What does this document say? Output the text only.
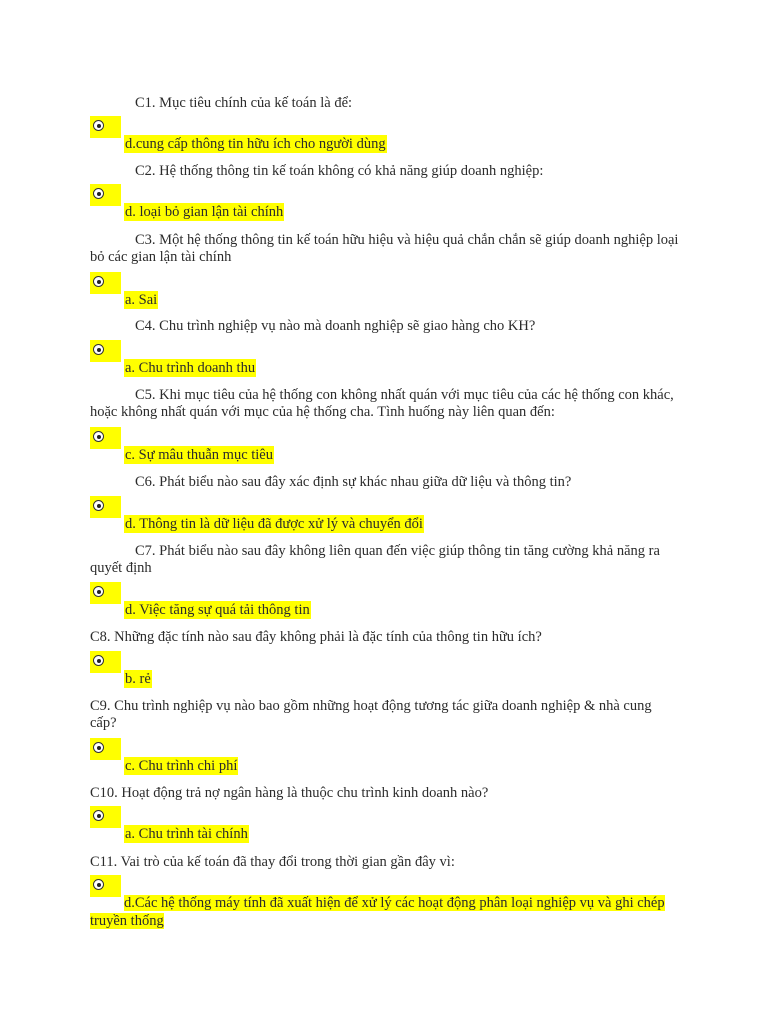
C1. Mục tiêu chính của kế toán là để:
d.cung cấp thông tin hữu ích cho người dùng
C2. Hệ thống thông tin kế toán không có khả năng giúp doanh nghiệp:
d. loại bỏ gian lận tài chính
C3. Một hệ thống thông tin kế toán hữu hiệu và hiệu quả chắn chắn sẽ giúp doanh nghiệp loại bỏ các gian lận tài chính
a. Sai
C4. Chu trình nghiệp vụ nào mà doanh nghiệp sẽ giao hàng cho KH?
a. Chu trình doanh thu
C5. Khi mục tiêu của hệ thống con không nhất quán với mục tiêu của các hệ thống con khác, hoặc không nhất quán với mục của hệ thống cha. Tình huống này liên quan đến:
c. Sự mâu thuẫn mục tiêu
C6. Phát biểu nào sau đây xác định sự khác nhau giữa dữ liệu và thông tin?
d. Thông tin là dữ liệu đã được xử lý và chuyển đổi
C7. Phát biểu nào sau đây không liên quan đến việc giúp thông tin tăng cường khả năng ra quyết định
d. Việc tăng sự quá tải thông tin
C8. Những đặc tính nào sau đây không phải là đặc tính của thông tin hữu ích?
b. rẻ
C9. Chu trình nghiệp vụ nào bao gồm những hoạt động tương tác giữa doanh nghiệp & nhà cung cấp?
c. Chu trình chi phí
C10. Hoạt động trả nợ ngân hàng là thuộc chu trình kinh doanh nào?
a. Chu trình tài chính
C11. Vai trò của kế toán đã thay đổi trong thời gian gần đây vì:
d.Các hệ thống máy tính đã xuất hiện để xử lý các hoạt động phân loại nghiệp vụ và ghi chép truyền thống
